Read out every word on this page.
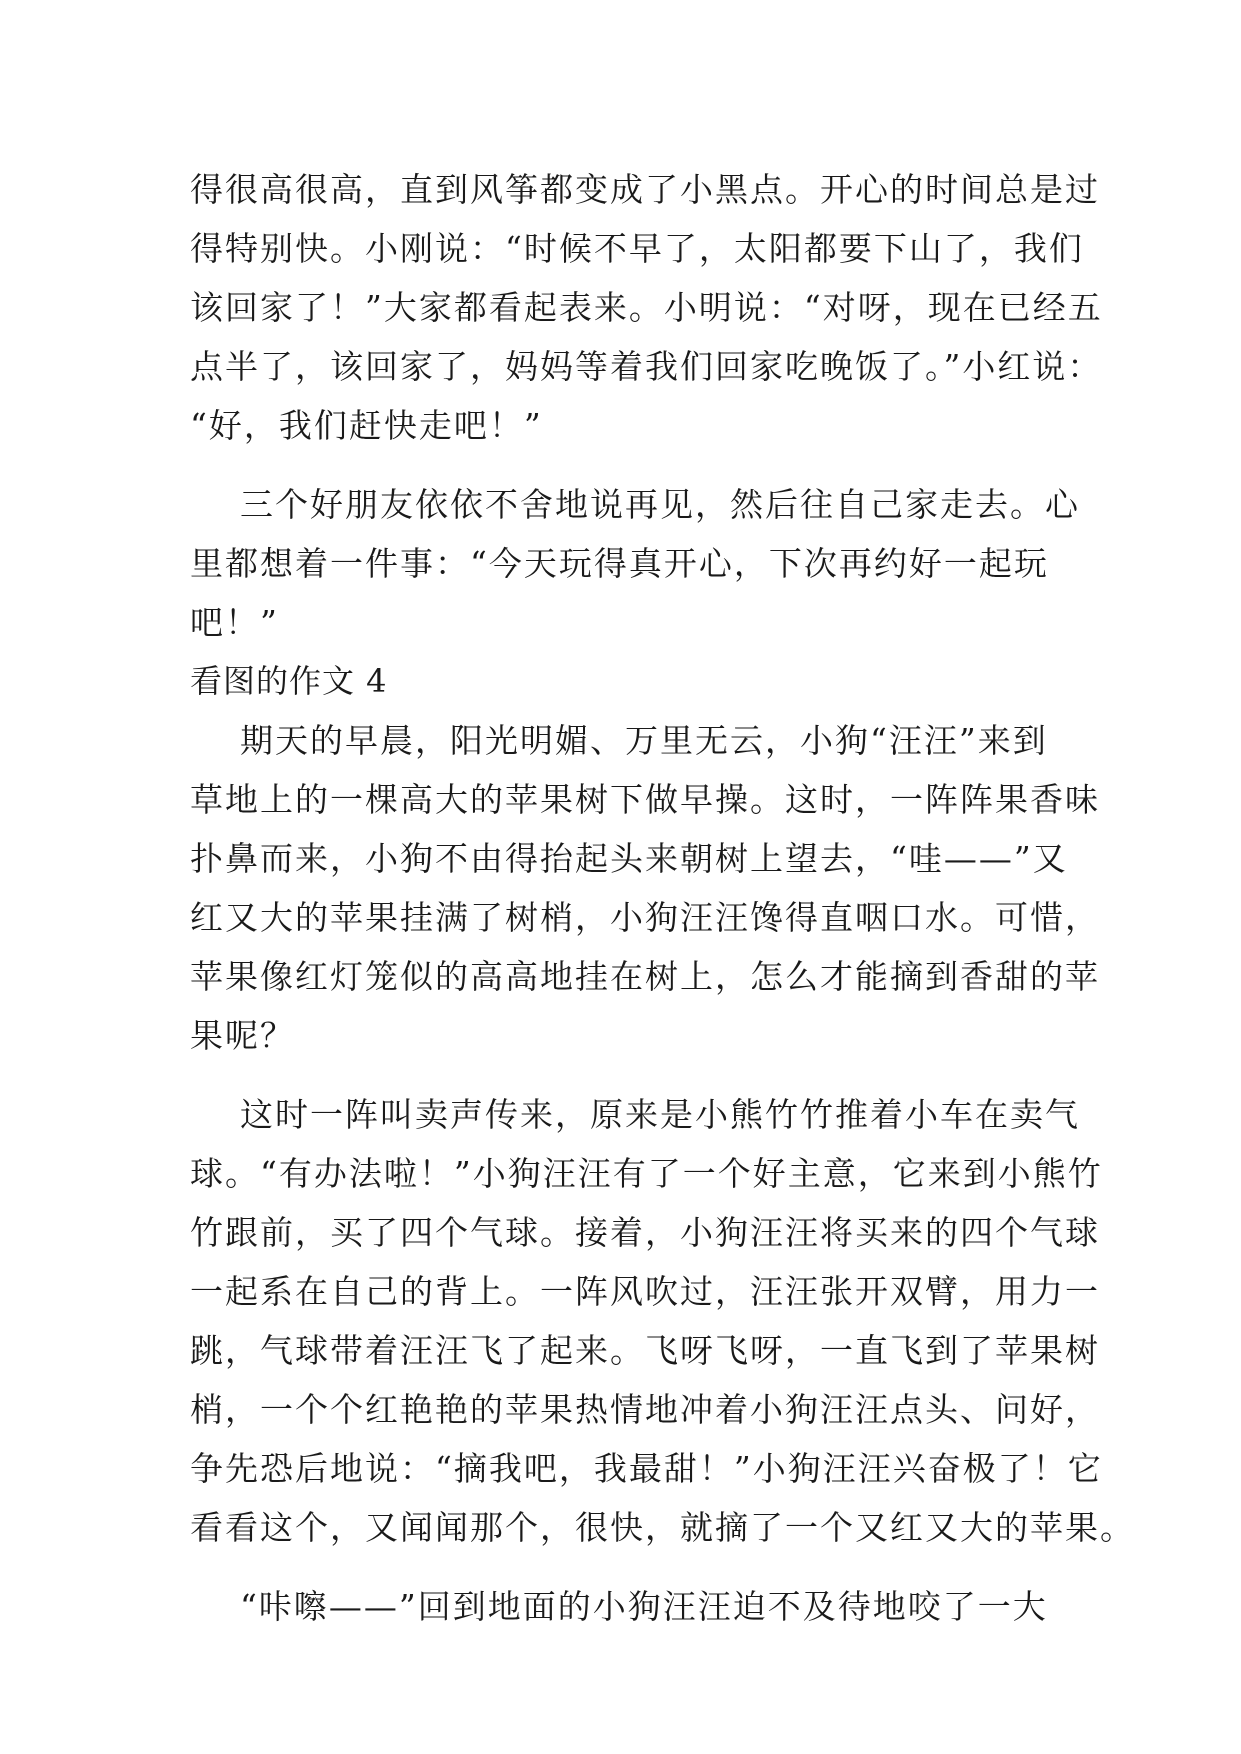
得很高很高，直到风筝都变成了小黑点。开心的时间总是过
得特别快。小刚说：“时候不早了，太阳都要下山了，我们
该回家了！”大家都看起表来。小明说：“对呀，现在已经五
点半了，该回家了，妈妈等着我们回家吃晚饭了。”小红说：
“好，我们赶快走吧！”
三个好朋友依依不舍地说再见，然后往自己家走去。心
里都想着一件事：“今天玩得真开心，下次再约好一起玩
吧！”
看图的作文 4
期天的早晨，阳光明媚、万里无云，小狗“汪汪”来到
草地上的一棵高大的苹果树下做早操。这时，一阵阵果香味
扑鼻而来，小狗不由得抬起头来朝树上望去，“哇——”又
红又大的苹果挂满了树梢，小狗汪汪馋得直咽口水。可惜，
苹果像红灯笼似的高高地挂在树上，怎么才能摘到香甜的苹
果呢？
这时一阵叫卖声传来，原来是小熊竹竹推着小车在卖气
球。“有办法啦！”小狗汪汪有了一个好主意，它来到小熊竹
竹跟前，买了四个气球。接着，小狗汪汪将买来的四个气球
一起系在自己的背上。一阵风吹过，汪汪张开双臂，用力一
跳，气球带着汪汪飞了起来。飞呀飞呀，一直飞到了苹果树
梢，一个个红艳艳的苹果热情地冲着小狗汪汪点头、问好，
争先恐后地说：“摘我吧，我最甜！”小狗汪汪兴奋极了！它
看看这个，又闻闻那个，很快，就摘了一个又红又大的苹果。
“咔嚓——”回到地面的小狗汪汪迫不及待地咬了一大
